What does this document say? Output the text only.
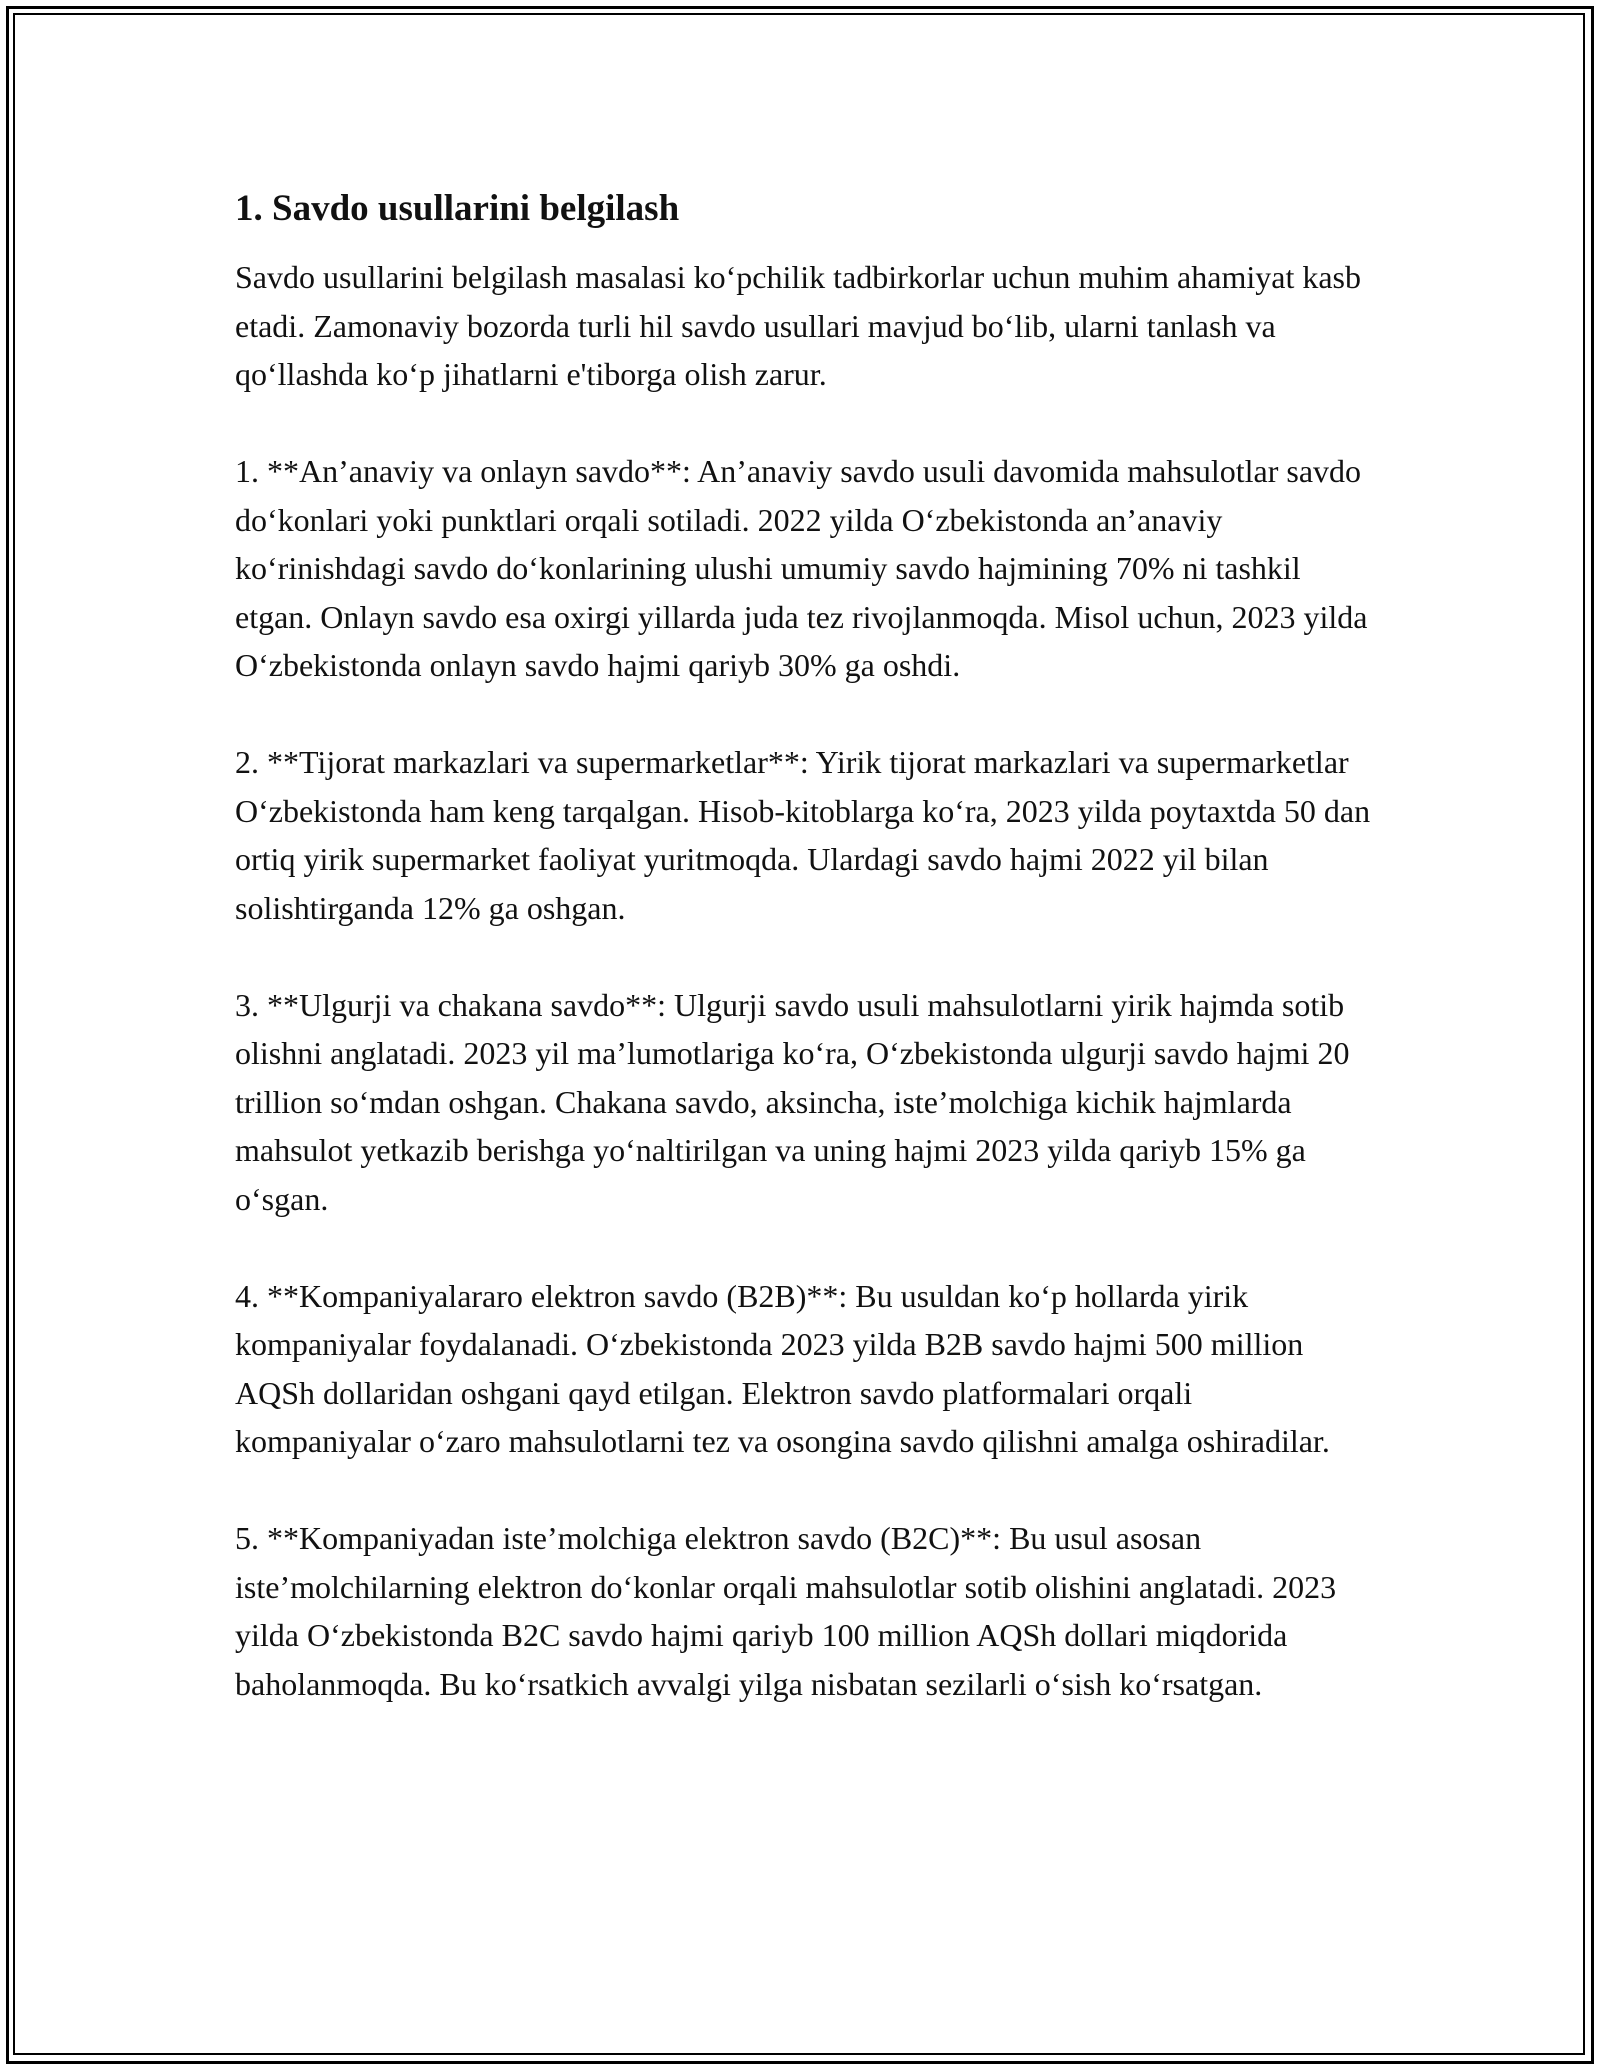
1. Savdo usullarini belgilash

Savdo usullarini belgilash masalasi ko‘pchilik tadbirkorlar uchun muhim ahamiyat kasb etadi. Zamonaviy bozorda turli hil savdo usullari mavjud bo‘lib, ularni tanlash va qo‘llashda ko‘p jihatlarni e'tiborga olish zarur.

1. **An’anaviy va onlayn savdo**: An’anaviy savdo usuli davomida mahsulotlar savdo do‘konlari yoki punktlari orqali sotiladi. 2022 yilda O‘zbekistonda an’anaviy ko‘rinishdagi savdo do‘konlarining ulushi umumiy savdo hajmining 70% ni tashkil etgan. Onlayn savdo esa oxirgi yillarda juda tez rivojlanmoqda. Misol uchun, 2023 yilda O‘zbekistonda onlayn savdo hajmi qariyb 30% ga oshdi.

2. **Tijorat markazlari va supermarketlar**: Yirik tijorat markazlari va supermarketlar O‘zbekistonda ham keng tarqalgan. Hisob-kitoblarga ko‘ra, 2023 yilda poytaxtda 50 dan ortiq yirik supermarket faoliyat yuritmoqda. Ulardagi savdo hajmi 2022 yil bilan solishtirganda 12% ga oshgan.

3. **Ulgurji va chakana savdo**: Ulgurji savdo usuli mahsulotlarni yirik hajmda sotib olishni anglatadi. 2023 yil ma’lumotlariga ko‘ra, O‘zbekistonda ulgurji savdo hajmi 20 trillion so‘mdan oshgan. Chakana savdo, aksincha, iste’molchiga kichik hajmlarda mahsulot yetkazib berishga yo‘naltirilgan va uning hajmi 2023 yilda qariyb 15% ga o‘sgan.

4. **Kompaniyalararo elektron savdo (B2B)**: Bu usuldan ko‘p hollarda yirik kompaniyalar foydalanadi. O‘zbekistonda 2023 yilda B2B savdo hajmi 500 million AQSh dollaridan oshgani qayd etilgan. Elektron savdo platformalari orqali kompaniyalar o‘zaro mahsulotlarni tez va osongina savdo qilishni amalga oshiradilar.

5. **Kompaniyadan iste’molchiga elektron savdo (B2C)**: Bu usul asosan iste’molchilarning elektron do‘konlar orqali mahsulotlar sotib olishini anglatadi. 2023 yilda O‘zbekistonda B2C savdo hajmi qariyb 100 million AQSh dollari miqdorida baholanmoqda. Bu ko‘rsatkich avvalgi yilga nisbatan sezilarli o‘sish ko‘rsatgan.
